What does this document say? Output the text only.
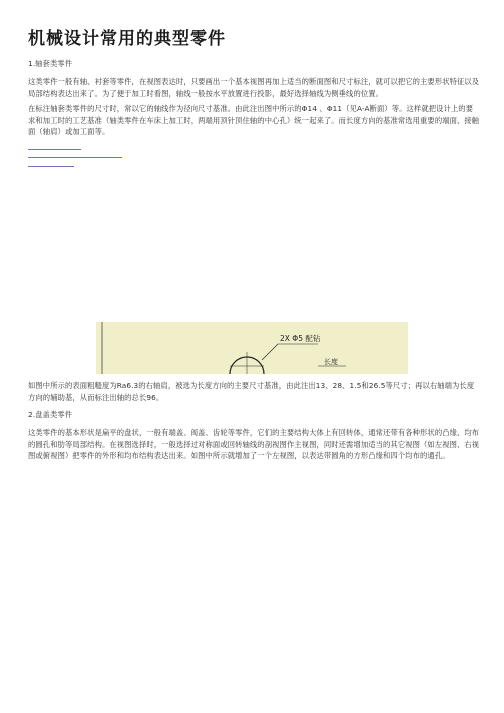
机械设计常用的典型零件

1.轴套类零件

这类零件一般有轴、衬套等零件，在视图表达时，只要画出一个基本视图再加上适当的断面图和尺寸标注，就可以把它的主要形状特征以及局部结构表达出来了。为了便于加工时看图，轴线一般按水平放置进行投影，最好选择轴线为侧垂线的位置。

在标注轴套类零件的尺寸时，常以它的轴线作为径向尺寸基准。由此注出图中所示的Φ14 、Φ11（见A-A断面）等。这样就把设计上的要求和加工时的工艺基准（轴类零件在车床上加工时，两端用顶针顶住轴的中心孔）统一起来了。而长度方向的基准常选用重要的端面、接触面（轴肩）或加工面等。

2X Φ5 配钻
长度

如图中所示的表面粗糙度为Ra6.3的右轴肩，被选为长度方向的主要尺寸基准，由此注出13、28、1.5和26.5等尺寸；再以右轴端为长度方向的辅助基，从而标注出轴的总长96。

2.盘盖类零件

这类零件的基本形状是扁平的盘状，一般有端盖、阀盖、齿轮等零件，它们的主要结构大体上有回转体，通常还带有各种形状的凸缘、均布的圆孔和肋等局部结构。在视图选择时，一般选择过对称面或回转轴线的剖视图作主视图，同时还需增加适当的其它视图（如左视图、右视图或俯视图）把零件的外形和均布结构表达出来。如图中所示就增加了一个左视图，以表达带圆角的方形凸缘和四个均布的通孔。
